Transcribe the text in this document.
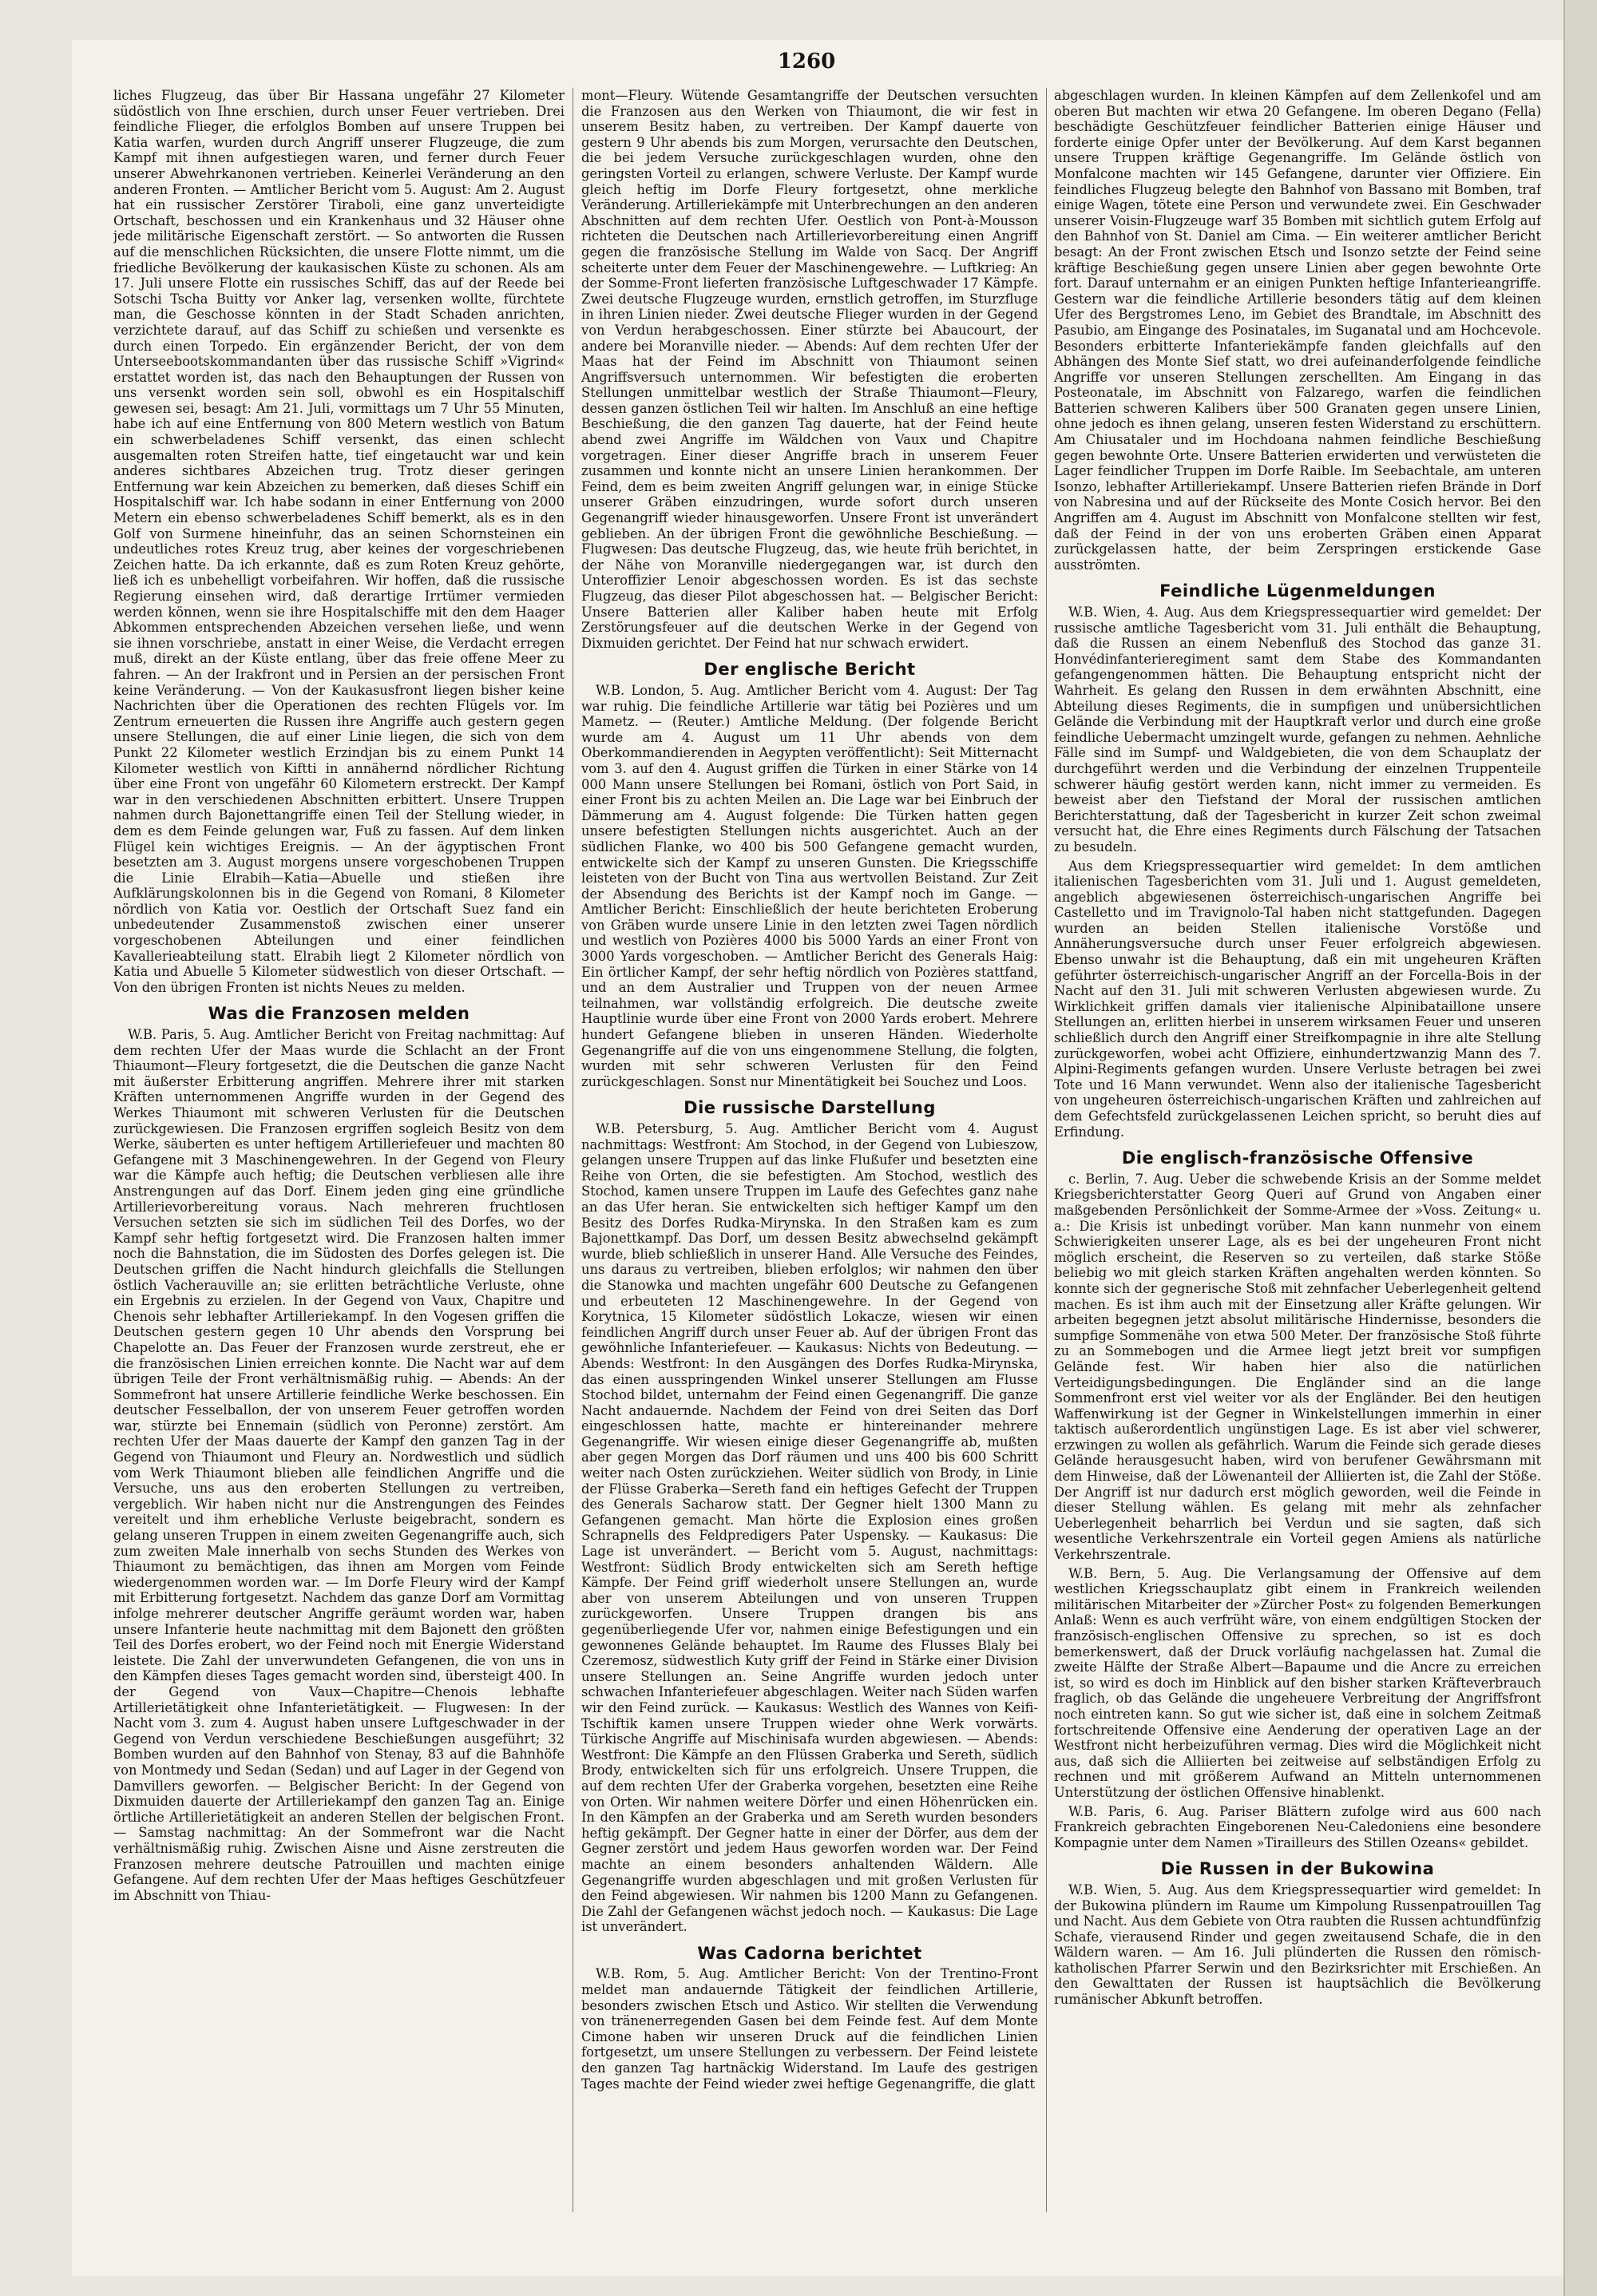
1260

liches Flugzeug, das über Bir Hassana ungefähr 27 Kilometer südöstlich von Ihne erschien, durch unser Feuer vertrieben. Drei feindliche Flieger, die erfolglos Bomben auf unsere Truppen bei Katia warfen, wurden durch Angriff unserer Flugzeuge, die zum Kampf mit ihnen aufgestiegen waren, und ferner durch Feuer unserer Abwehrkanonen vertrieben. Keinerlei Veränderung an den anderen Fronten. — Amtlicher Bericht vom 5. August: Am 2. August hat ein russischer Zerstörer Tiraboli, eine ganz unverteidigte Ortschaft, beschossen und ein Krankenhaus und 32 Häuser ohne jede militärische Eigenschaft zerstört. — So antworten die Russen auf die menschlichen Rücksichten, die unsere Flotte nimmt, um die friedliche Bevölkerung der kaukasischen Küste zu schonen. Als am 17. Juli unsere Flotte ein russisches Schiff, das auf der Reede bei Sotschi Tscha Buitty vor Anker lag, versenken wollte, fürchtete man, die Geschosse könnten in der Stadt Schaden anrichten, verzichtete darauf, auf das Schiff zu schießen und versenkte es durch einen Torpedo. Ein ergänzender Bericht, der von dem Unterseebootskommandanten über das russische Schiff »Vigrind« erstattet worden ist, das nach den Behauptungen der Russen von uns versenkt worden sein soll, obwohl es ein Hospitalschiff gewesen sei, besagt: Am 21. Juli, vormittags um 7 Uhr 55 Minuten, habe ich auf eine Entfernung von 800 Metern westlich von Batum ein schwerbeladenes Schiff versenkt, das einen schlecht ausgemalten roten Streifen hatte, tief eingetaucht war und kein anderes sichtbares Abzeichen trug. Trotz dieser geringen Entfernung war kein Abzeichen zu bemerken, daß dieses Schiff ein Hospitalschiff war. Ich habe sodann in einer Entfernung von 2000 Metern ein ebenso schwerbeladenes Schiff bemerkt, als es in den Golf von Surmene hineinfuhr, das an seinen Schornsteinen ein undeutliches rotes Kreuz trug, aber keines der vorgeschriebenen Zeichen hatte. Da ich erkannte, daß es zum Roten Kreuz gehörte, ließ ich es unbehelligt vorbeifahren. Wir hoffen, daß die russische Regierung einsehen wird, daß derartige Irrtümer vermieden werden können, wenn sie ihre Hospitalschiffe mit den dem Haager Abkommen entsprechenden Abzeichen versehen ließe, und wenn sie ihnen vorschriebe, anstatt in einer Weise, die Verdacht erregen muß, direkt an der Küste entlang, über das freie offene Meer zu fahren. — An der Irakfront und in Persien an der persischen Front keine Veränderung. — Von der Kaukasusfront liegen bisher keine Nachrichten über die Operationen des rechten Flügels vor. Im Zentrum erneuerten die Russen ihre Angriffe auch gestern gegen unsere Stellungen, die auf einer Linie liegen, die sich von dem Punkt 22 Kilometer westlich Erzindjan bis zu einem Punkt 14 Kilometer westlich von Kiftti in annähernd nördlicher Richtung über eine Front von ungefähr 60 Kilometern erstreckt. Der Kampf war in den verschiedenen Abschnitten erbittert. Unsere Truppen nahmen durch Bajonettangriffe einen Teil der Stellung wieder, in dem es dem Feinde gelungen war, Fuß zu fassen. Auf dem linken Flügel kein wichtiges Ereignis. — An der ägyptischen Front besetzten am 3. August morgens unsere vorgeschobenen Truppen die Linie Elrabih—Katia—Abuelle und stießen ihre Aufklärungskolonnen bis in die Gegend von Romani, 8 Kilometer nördlich von Katia vor. Oestlich der Ortschaft Suez fand ein unbedeutender Zusammenstoß zwischen einer unserer vorgeschobenen Abteilungen und einer feindlichen Kavallerieabteilung statt. Elrabih liegt 2 Kilometer nördlich von Katia und Abuelle 5 Kilometer südwestlich von dieser Ortschaft. — Von den übrigen Fronten ist nichts Neues zu melden.

Was die Franzosen melden

W.B. Paris, 5. Aug. Amtlicher Bericht von Freitag nachmittag: Auf dem rechten Ufer der Maas wurde die Schlacht an der Front Thiaumont—Fleury fortgesetzt, die die Deutschen die ganze Nacht mit äußerster Erbitterung angriffen. Mehrere ihrer mit starken Kräften unternommenen Angriffe wurden in der Gegend des Werkes Thiaumont mit schweren Verlusten für die Deutschen zurückgewiesen. Die Franzosen ergriffen sogleich Besitz von dem Werke, säuberten es unter heftigem Artilleriefeuer und machten 80 Gefangene mit 3 Maschinengewehren. In der Gegend von Fleury war die Kämpfe auch heftig; die Deutschen verbliesen alle ihre Anstrengungen auf das Dorf. Einem jeden ging eine gründliche Artillerievorbereitung voraus. Nach mehreren fruchtlosen Versuchen setzten sie sich im südlichen Teil des Dorfes, wo der Kampf sehr heftig fortgesetzt wird. Die Franzosen halten immer noch die Bahnstation, die im Südosten des Dorfes gelegen ist. Die Deutschen griffen die Nacht hindurch gleichfalls die Stellungen östlich Vacherauville an; sie erlitten beträchtliche Verluste, ohne ein Ergebnis zu erzielen. In der Gegend von Vaux, Chapitre und Chenois sehr lebhafter Artilleriekampf. In den Vogesen griffen die Deutschen gestern gegen 10 Uhr abends den Vorsprung bei Chapelotte an. Das Feuer der Franzosen wurde zerstreut, ehe er die französischen Linien erreichen konnte. Die Nacht war auf dem übrigen Teile der Front verhältnismäßig ruhig. — Abends: An der Sommefront hat unsere Artillerie feindliche Werke beschossen. Ein deutscher Fesselballon, der von unserem Feuer getroffen worden war, stürzte bei Ennemain (südlich von Peronne) zerstört. Am rechten Ufer der Maas dauerte der Kampf den ganzen Tag in der Gegend von Thiaumont und Fleury an. Nordwestlich und südlich vom Werk Thiaumont blieben alle feindlichen Angriffe und die Versuche, uns aus den eroberten Stellungen zu vertreiben, vergeblich. Wir haben nicht nur die Anstrengungen des Feindes vereitelt und ihm erhebliche Verluste beigebracht, sondern es gelang unseren Truppen in einem zweiten Gegenangriffe auch, sich zum zweiten Male innerhalb von sechs Stunden des Werkes von Thiaumont zu bemächtigen, das ihnen am Morgen vom Feinde wiedergenommen worden war. — Im Dorfe Fleury wird der Kampf mit Erbitterung fortgesetzt. Nachdem das ganze Dorf am Vormittag infolge mehrerer deutscher Angriffe geräumt worden war, haben unsere Infanterie heute nachmittag mit dem Bajonett den größten Teil des Dorfes erobert, wo der Feind noch mit Energie Widerstand leistete. Die Zahl der unverwundeten Gefangenen, die von uns in den Kämpfen dieses Tages gemacht worden sind, übersteigt 400. In der Gegend von Vaux—Chapitre—Chenois lebhafte Artillerietätigkeit ohne Infanterietätigkeit. — Flugwesen: In der Nacht vom 3. zum 4. August haben unsere Luftgeschwader in der Gegend von Verdun verschiedene Beschießungen ausgeführt; 32 Bomben wurden auf den Bahnhof von Stenay, 83 auf die Bahnhöfe von Montmedy und Sedan (Sedan) und auf Lager in der Gegend von Damvillers geworfen. — Belgischer Bericht: In der Gegend von Dixmuiden dauerte der Artilleriekampf den ganzen Tag an. Einige örtliche Artillerietätigkeit an anderen Stellen der belgischen Front. — Samstag nachmittag: An der Sommefront war die Nacht verhältnismäßig ruhig. Zwischen Aisne und Aisne zerstreuten die Franzosen mehrere deutsche Patrouillen und machten einige Gefangene. Auf dem rechten Ufer der Maas heftiges Geschützfeuer im Abschnitt von Thiau-

mont—Fleury. Wütende Gesamtangriffe der Deutschen versuchten die Franzosen aus den Werken von Thiaumont, die wir fest in unserem Besitz haben, zu vertreiben. Der Kampf dauerte von gestern 9 Uhr abends bis zum Morgen, verursachte den Deutschen, die bei jedem Versuche zurückgeschlagen wurden, ohne den geringsten Vorteil zu erlangen, schwere Verluste. Der Kampf wurde gleich heftig im Dorfe Fleury fortgesetzt, ohne merkliche Veränderung. Artilleriekämpfe mit Unterbrechungen an den anderen Abschnitten auf dem rechten Ufer. Oestlich von Pont-à-Mousson richteten die Deutschen nach Artillerievorbereitung einen Angriff gegen die französische Stellung im Walde von Sacq. Der Angriff scheiterte unter dem Feuer der Maschinengewehre. — Luftkrieg: An der Somme-Front lieferten französische Luftgeschwader 17 Kämpfe. Zwei deutsche Flugzeuge wurden, ernstlich getroffen, im Sturzfluge in ihren Linien nieder. Zwei deutsche Flieger wurden in der Gegend von Verdun herabgeschossen. Einer stürzte bei Abaucourt, der andere bei Moranville nieder. — Abends: Auf dem rechten Ufer der Maas hat der Feind im Abschnitt von Thiaumont seinen Angriffsversuch unternommen. Wir befestigten die eroberten Stellungen unmittelbar westlich der Straße Thiaumont—Fleury, dessen ganzen östlichen Teil wir halten. Im Anschluß an eine heftige Beschießung, die den ganzen Tag dauerte, hat der Feind heute abend zwei Angriffe im Wäldchen von Vaux und Chapitre vorgetragen. Einer dieser Angriffe brach in unserem Feuer zusammen und konnte nicht an unsere Linien herankommen. Der Feind, dem es beim zweiten Angriff gelungen war, in einige Stücke unserer Gräben einzudringen, wurde sofort durch unseren Gegenangriff wieder hinausgeworfen. Unsere Front ist unverändert geblieben. An der übrigen Front die gewöhnliche Beschießung. — Flugwesen: Das deutsche Flugzeug, das, wie heute früh berichtet, in der Nähe von Moranville niedergegangen war, ist durch den Unteroffizier Lenoir abgeschossen worden. Es ist das sechste Flugzeug, das dieser Pilot abgeschossen hat. — Belgischer Bericht: Unsere Batterien aller Kaliber haben heute mit Erfolg Zerstörungsfeuer auf die deutschen Werke in der Gegend von Dixmuiden gerichtet. Der Feind hat nur schwach erwidert.

Der englische Bericht

W.B. London, 5. Aug. Amtlicher Bericht vom 4. August: Der Tag war ruhig. Die feindliche Artillerie war tätig bei Pozières und um Mametz. — (Reuter.) Amtliche Meldung. (Der folgende Bericht wurde am 4. August um 11 Uhr abends von dem Oberkommandierenden in Aegypten veröffentlicht): Seit Mitternacht vom 3. auf den 4. August griffen die Türken in einer Stärke von 14 000 Mann unsere Stellungen bei Romani, östlich von Port Said, in einer Front bis zu achten Meilen an. Die Lage war bei Einbruch der Dämmerung am 4. August folgende: Die Türken hatten gegen unsere befestigten Stellungen nichts ausgerichtet. Auch an der südlichen Flanke, wo 400 bis 500 Gefangene gemacht wurden, entwickelte sich der Kampf zu unseren Gunsten. Die Kriegsschiffe leisteten von der Bucht von Tina aus wertvollen Beistand. Zur Zeit der Absendung des Berichts ist der Kampf noch im Gange. — Amtlicher Bericht: Einschließlich der heute berichteten Eroberung von Gräben wurde unsere Linie in den letzten zwei Tagen nördlich und westlich von Pozières 4000 bis 5000 Yards an einer Front von 3000 Yards vorgeschoben. — Amtlicher Bericht des Generals Haig: Ein örtlicher Kampf, der sehr heftig nördlich von Pozières stattfand, und an dem Australier und Truppen von der neuen Armee teilnahmen, war vollständig erfolgreich. Die deutsche zweite Hauptlinie wurde über eine Front von 2000 Yards erobert. Mehrere hundert Gefangene blieben in unseren Händen. Wiederholte Gegenangriffe auf die von uns eingenommene Stellung, die folgten, wurden mit sehr schweren Verlusten für den Feind zurückgeschlagen. Sonst nur Minentätigkeit bei Souchez und Loos.

Die russische Darstellung

W.B. Petersburg, 5. Aug. Amtlicher Bericht vom 4. August nachmittags: Westfront: Am Stochod, in der Gegend von Lubieszow, gelangen unsere Truppen auf das linke Flußufer und besetzten eine Reihe von Orten, die sie befestigten. Am Stochod, westlich des Stochod, kamen unsere Truppen im Laufe des Gefechtes ganz nahe an das Ufer heran. Sie entwickelten sich heftiger Kampf um den Besitz des Dorfes Rudka-Mirynska. In den Straßen kam es zum Bajonettkampf. Das Dorf, um dessen Besitz abwechselnd gekämpft wurde, blieb schließlich in unserer Hand. Alle Versuche des Feindes, uns daraus zu vertreiben, blieben erfolglos; wir nahmen den über die Stanowka und machten ungefähr 600 Deutsche zu Gefangenen und erbeuteten 12 Maschinengewehre. In der Gegend von Korytnica, 15 Kilometer südöstlich Lokacze, wiesen wir einen feindlichen Angriff durch unser Feuer ab. Auf der übrigen Front das gewöhnliche Infanteriefeuer. — Kaukasus: Nichts von Bedeutung. — Abends: Westfront: In den Ausgängen des Dorfes Rudka-Mirynska, das einen ausspringenden Winkel unserer Stellungen am Flusse Stochod bildet, unternahm der Feind einen Gegenangriff. Die ganze Nacht andauernde. Nachdem der Feind von drei Seiten das Dorf eingeschlossen hatte, machte er hintereinander mehrere Gegenangriffe. Wir wiesen einige dieser Gegenangriffe ab, mußten aber gegen Morgen das Dorf räumen und uns 400 bis 600 Schritt weiter nach Osten zurückziehen. Weiter südlich von Brody, in Linie der Flüsse Graberka—Sereth fand ein heftiges Gefecht der Truppen des Generals Sacharow statt. Der Gegner hielt 1300 Mann zu Gefangenen gemacht. Man hörte die Explosion eines großen Schrapnells des Feldpredigers Pater Uspensky. — Kaukasus: Die Lage ist unverändert. — Bericht vom 5. August, nachmittags: Westfront: Südlich Brody entwickelten sich am Sereth heftige Kämpfe. Der Feind griff wiederholt unsere Stellungen an, wurde aber von unserem Abteilungen und von unseren Truppen zurückgeworfen. Unsere Truppen drangen bis ans gegenüberliegende Ufer vor, nahmen einige Befestigungen und ein gewonnenes Gelände behauptet. Im Raume des Flusses Blaly bei Czeremosz, südwestlich Kuty griff der Feind in Stärke einer Division unsere Stellungen an. Seine Angriffe wurden jedoch unter schwachen Infanteriefeuer abgeschlagen. Weiter nach Süden warfen wir den Feind zurück. — Kaukasus: Westlich des Wannes von Keifi-Tschiftik kamen unsere Truppen wieder ohne Werk vorwärts. Türkische Angriffe auf Mischinisafa wurden abgewiesen. — Abends: Westfront: Die Kämpfe an den Flüssen Graberka und Sereth, südlich Brody, entwickelten sich für uns erfolgreich. Unsere Truppen, die auf dem rechten Ufer der Graberka vorgehen, besetzten eine Reihe von Orten. Wir nahmen weitere Dörfer und einen Höhenrücken ein. In den Kämpfen an der Graberka und am Sereth wurden besonders heftig gekämpft. Der Gegner hatte in einer der Dörfer, aus dem der Gegner zerstört und jedem Haus geworfen worden war. Der Feind machte an einem besonders anhaltenden Wäldern. Alle Gegenangriffe wurden abgeschlagen und mit großen Verlusten für den Feind abgewiesen. Wir nahmen bis 1200 Mann zu Gefangenen. Die Zahl der Gefangenen wächst jedoch noch. — Kaukasus: Die Lage ist unverändert.

Was Cadorna berichtet

W.B. Rom, 5. Aug. Amtlicher Bericht: Von der Trentino-Front meldet man andauernde Tätigkeit der feindlichen Artillerie, besonders zwischen Etsch und Astico. Wir stellten die Verwendung von tränenerregenden Gasen bei dem Feinde fest. Auf dem Monte Cimone haben wir unseren Druck auf die feindlichen Linien fortgesetzt, um unsere Stellungen zu verbessern. Der Feind leistete den ganzen Tag hartnäckig Widerstand. Im Laufe des gestrigen Tages machte der Feind wieder zwei heftige Gegenangriffe, die glatt

abgeschlagen wurden. In kleinen Kämpfen auf dem Zellenkofel und am oberen But machten wir etwa 20 Gefangene. Im oberen Degano (Fella) beschädigte Geschützfeuer feindlicher Batterien einige Häuser und forderte einige Opfer unter der Bevölkerung. Auf dem Karst begannen unsere Truppen kräftige Gegenangriffe. Im Gelände östlich von Monfalcone machten wir 145 Gefangene, darunter vier Offiziere. Ein feindliches Flugzeug belegte den Bahnhof von Bassano mit Bomben, traf einige Wagen, tötete eine Person und verwundete zwei. Ein Geschwader unserer Voisin-Flugzeuge warf 35 Bomben mit sichtlich gutem Erfolg auf den Bahnhof von St. Daniel am Cima. — Ein weiterer amtlicher Bericht besagt: An der Front zwischen Etsch und Isonzo setzte der Feind seine kräftige Beschießung gegen unsere Linien aber gegen bewohnte Orte fort. Darauf unternahm er an einigen Punkten heftige Infanterieangriffe. Gestern war die feindliche Artillerie besonders tätig auf dem kleinen Ufer des Bergstromes Leno, im Gebiet des Brandtale, im Abschnitt des Pasubio, am Eingange des Posinatales, im Suganatal und am Hochcevole. Besonders erbitterte Infanteriekämpfe fanden gleichfalls auf den Abhängen des Monte Sief statt, wo drei aufeinanderfolgende feindliche Angriffe vor unseren Stellungen zerschellten. Am Eingang in das Posteonatale, im Abschnitt von Falzarego, warfen die feindlichen Batterien schweren Kalibers über 500 Granaten gegen unsere Linien, ohne jedoch es ihnen gelang, unseren festen Widerstand zu erschüttern. Am Chiusataler und im Hochdoana nahmen feindliche Beschießung gegen bewohnte Orte. Unsere Batterien erwiderten und verwüsteten die Lager feindlicher Truppen im Dorfe Raible. Im Seebachtale, am unteren Isonzo, lebhafter Artilleriekampf. Unsere Batterien riefen Brände in Dorf von Nabresina und auf der Rückseite des Monte Cosich hervor. Bei den Angriffen am 4. August im Abschnitt von Monfalcone stellten wir fest, daß der Feind in der von uns eroberten Gräben einen Apparat zurückgelassen hatte, der beim Zerspringen erstickende Gase ausströmten.

Feindliche Lügenmeldungen

W.B. Wien, 4. Aug. Aus dem Kriegspressequartier wird gemeldet: Der russische amtliche Tagesbericht vom 31. Juli enthält die Behauptung, daß die Russen an einem Nebenfluß des Stochod das ganze 31. Honvédinfanterieregiment samt dem Stabe des Kommandanten gefangengenommen hätten. Die Behauptung entspricht nicht der Wahrheit. Es gelang den Russen in dem erwähnten Abschnitt, eine Abteilung dieses Regiments, die in sumpfigen und unübersichtlichen Gelände die Verbindung mit der Hauptkraft verlor und durch eine große feindliche Uebermacht umzingelt wurde, gefangen zu nehmen. Aehnliche Fälle sind im Sumpf- und Waldgebieten, die von dem Schauplatz der durchgeführt werden und die Verbindung der einzelnen Truppenteile schwerer häufig gestört werden kann, nicht immer zu vermeiden. Es beweist aber den Tiefstand der Moral der russischen amtlichen Berichterstattung, daß der Tagesbericht in kurzer Zeit schon zweimal versucht hat, die Ehre eines Regiments durch Fälschung der Tatsachen zu besudeln.

Aus dem Kriegspressequartier wird gemeldet: In dem amtlichen italienischen Tagesberichten vom 31. Juli und 1. August gemeldeten, angeblich abgewiesenen österreichisch-ungarischen Angriffe bei Castelletto und im Travignolo-Tal haben nicht stattgefunden. Dagegen wurden an beiden Stellen italienische Vorstöße und Annäherungsversuche durch unser Feuer erfolgreich abgewiesen. Ebenso unwahr ist die Behauptung, daß ein mit ungeheuren Kräften geführter österreichisch-ungarischer Angriff an der Forcella-Bois in der Nacht auf den 31. Juli mit schweren Verlusten abgewiesen wurde. Zu Wirklichkeit griffen damals vier italienische Alpinibataillone unsere Stellungen an, erlitten hierbei in unserem wirksamen Feuer und unseren schließlich durch den Angriff einer Streifkompagnie in ihre alte Stellung zurückgeworfen, wobei acht Offiziere, einhundertzwanzig Mann des 7. Alpini-Regiments gefangen wurden. Unsere Verluste betragen bei zwei Tote und 16 Mann verwundet. Wenn also der italienische Tagesbericht von ungeheuren österreichisch-ungarischen Kräften und zahlreichen auf dem Gefechtsfeld zurückgelassenen Leichen spricht, so beruht dies auf Erfindung.

Die englisch-französische Offensive

c. Berlin, 7. Aug. Ueber die schwebende Krisis an der Somme meldet Kriegsberichterstatter Georg Queri auf Grund von Angaben einer maßgebenden Persönlichkeit der Somme-Armee der »Voss. Zeitung« u. a.: Die Krisis ist unbedingt vorüber. Man kann nunmehr von einem Schwierigkeiten unserer Lage, als es bei der ungeheuren Front nicht möglich erscheint, die Reserven so zu verteilen, daß starke Stöße beliebig wo mit gleich starken Kräften angehalten werden könnten. So konnte sich der gegnerische Stoß mit zehnfacher Ueberlegenheit geltend machen. Es ist ihm auch mit der Einsetzung aller Kräfte gelungen. Wir arbeiten begegnen jetzt absolut militärische Hindernisse, besonders die sumpfige Sommenähe von etwa 500 Meter. Der französische Stoß führte zu an Sommebogen und die Armee liegt jetzt breit vor sumpfigen Gelände fest. Wir haben hier also die natürlichen Verteidigungsbedingungen. Die Engländer sind an die lange Sommenfront erst viel weiter vor als der Engländer. Bei den heutigen Waffenwirkung ist der Gegner in Winkelstellungen immerhin in einer taktisch außerordentlich ungünstigen Lage. Es ist aber viel schwerer, erzwingen zu wollen als gefährlich. Warum die Feinde sich gerade dieses Gelände herausgesucht haben, wird von berufener Gewährsmann mit dem Hinweise, daß der Löwenanteil der Alliierten ist, die Zahl der Stöße. Der Angriff ist nur dadurch erst möglich geworden, weil die Feinde in dieser Stellung wählen. Es gelang mit mehr als zehnfacher Ueberlegenheit beharrlich bei Verdun und sie sagten, daß sich wesentliche Verkehrszentrale ein Vorteil gegen Amiens als natürliche Verkehrszentrale.

W.B. Bern, 5. Aug. Die Verlangsamung der Offensive auf dem westlichen Kriegsschauplatz gibt einem in Frankreich weilenden militärischen Mitarbeiter der »Zürcher Post« zu folgenden Bemerkungen Anlaß: Wenn es auch verfrüht wäre, von einem endgültigen Stocken der französisch-englischen Offensive zu sprechen, so ist es doch bemerkenswert, daß der Druck vorläufig nachgelassen hat. Zumal die zweite Hälfte der Straße Albert—Bapaume und die Ancre zu erreichen ist, so wird es doch im Hinblick auf den bisher starken Kräfteverbrauch fraglich, ob das Gelände die ungeheuere Verbreitung der Angriffsfront noch eintreten kann. So gut wie sicher ist, daß eine in solchem Zeitmaß fortschreitende Offensive eine Aenderung der operativen Lage an der Westfront nicht herbeizuführen vermag. Dies wird die Möglichkeit nicht aus, daß sich die Alliierten bei zeitweise auf selbständigen Erfolg zu rechnen und mit größerem Aufwand an Mitteln unternommenen Unterstützung der östlichen Offensive hinablenkt.

W.B. Paris, 6. Aug. Pariser Blättern zufolge wird aus 600 nach Frankreich gebrachten Eingeborenen Neu-Caledoniens eine besondere Kompagnie unter dem Namen »Tirailleurs des Stillen Ozeans« gebildet.

Die Russen in der Bukowina

W.B. Wien, 5. Aug. Aus dem Kriegspressequartier wird gemeldet: In der Bukowina plündern im Raume um Kimpolung Russenpatrouillen Tag und Nacht. Aus dem Gebiete von Otra raubten die Russen achtundfünfzig Schafe, vierausend Rinder und gegen zweitausend Schafe, die in den Wäldern waren. — Am 16. Juli plünderten die Russen den römisch-katholischen Pfarrer Serwin und den Bezirksrichter mit Erschießen. An den Gewalttaten der Russen ist hauptsächlich die Bevölkerung rumänischer Abkunft betroffen.
